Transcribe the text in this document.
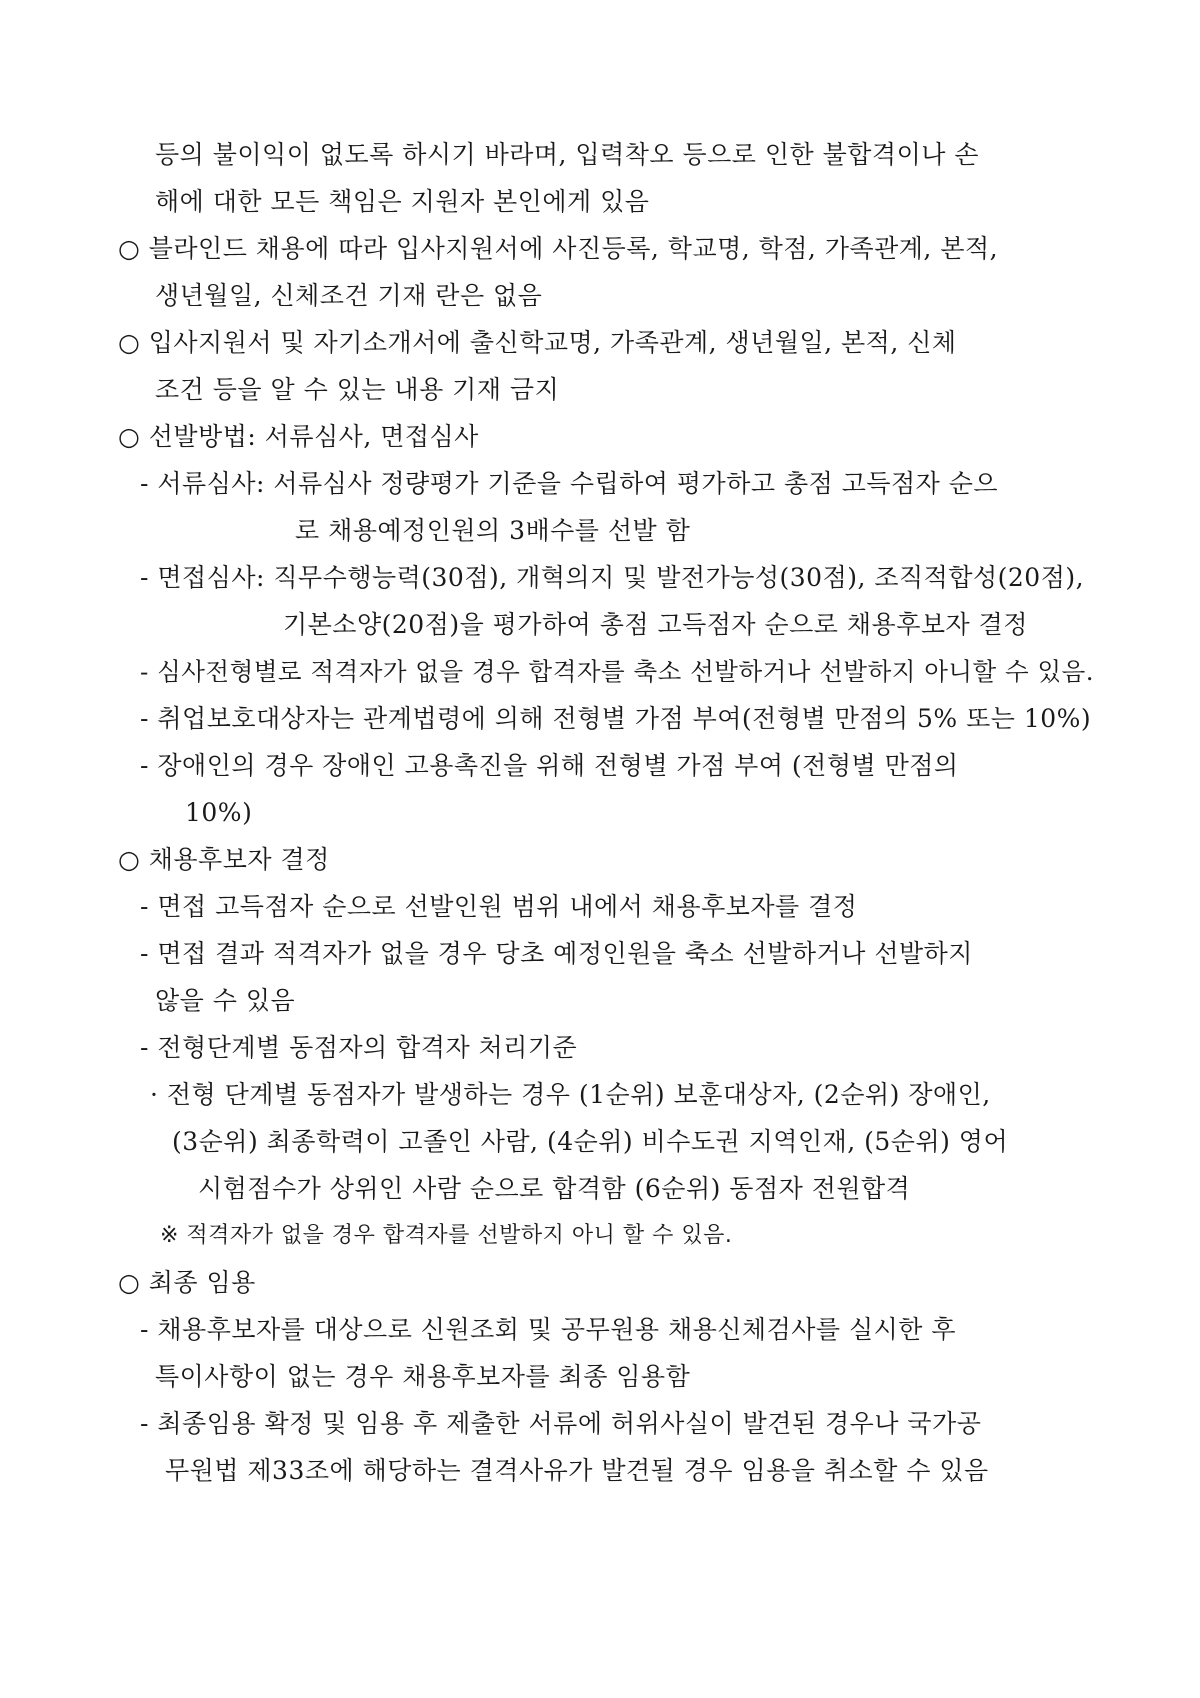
등의 불이익이 없도록 하시기 바라며, 입력착오 등으로 인한 불합격이나 손
해에 대한 모든 책임은 지원자 본인에게 있음
○ 블라인드 채용에 따라 입사지원서에 사진등록, 학교명, 학점, 가족관계, 본적,
생년월일, 신체조건 기재 란은 없음
○ 입사지원서 및 자기소개서에 출신학교명, 가족관계, 생년월일, 본적, 신체
조건 등을 알 수 있는 내용 기재 금지
○ 선발방법: 서류심사, 면접심사
- 서류심사: 서류심사 정량평가 기준을 수립하여 평가하고 총점 고득점자 순으
로 채용예정인원의 3배수를 선발 함
- 면접심사: 직무수행능력(30점), 개혁의지 및 발전가능성(30점), 조직적합성(20점),
기본소양(20점)을 평가하여 총점 고득점자 순으로 채용후보자 결정
- 심사전형별로 적격자가 없을 경우 합격자를 축소 선발하거나 선발하지 아니할 수 있음.
- 취업보호대상자는 관계법령에 의해 전형별 가점 부여(전형별 만점의 5% 또는 10%)
- 장애인의 경우 장애인 고용촉진을 위해 전형별 가점 부여 (전형별 만점의
10%)
○ 채용후보자 결정
- 면접 고득점자 순으로 선발인원 범위 내에서 채용후보자를 결정
- 면접 결과 적격자가 없을 경우 당초 예정인원을 축소 선발하거나 선발하지
않을 수 있음
- 전형단계별 동점자의 합격자 처리기준
· 전형 단계별 동점자가 발생하는 경우 (1순위) 보훈대상자, (2순위) 장애인,
(3순위) 최종학력이 고졸인 사람, (4순위) 비수도권 지역인재, (5순위) 영어
시험점수가 상위인 사람 순으로 합격함 (6순위) 동점자 전원합격
※ 적격자가 없을 경우 합격자를 선발하지 아니 할 수 있음.
○ 최종 임용
- 채용후보자를 대상으로 신원조회 및 공무원용 채용신체검사를 실시한 후
특이사항이 없는 경우 채용후보자를 최종 임용함
- 최종임용 확정 및 임용 후 제출한 서류에 허위사실이 발견된 경우나 국가공
무원법 제33조에 해당하는 결격사유가 발견될 경우 임용을 취소할 수 있음
